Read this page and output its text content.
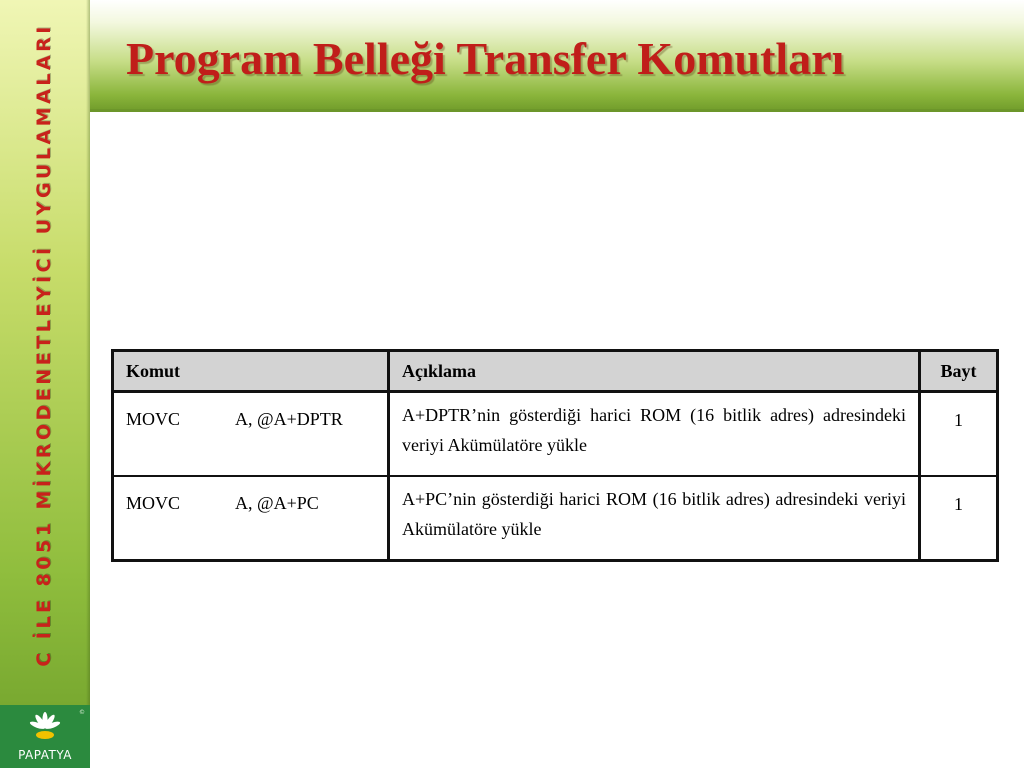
C İLE 8051 MİKRODENETLEYİCİ UYGULAMALARI
©
PAPATYA
Program Belleği Transfer Komutları
Komut	Açıklama	Bayt
MOVC A, @A+DPTR	A+DPTR’nin gösterdiği harici ROM (16 bitlik adres) adresindeki veriyi Akümülatöre yükle	1
MOVC A, @A+PC	A+PC’nin gösterdiği harici ROM (16 bitlik adres) adresindeki veriyi Akümülatöre yükle	1
